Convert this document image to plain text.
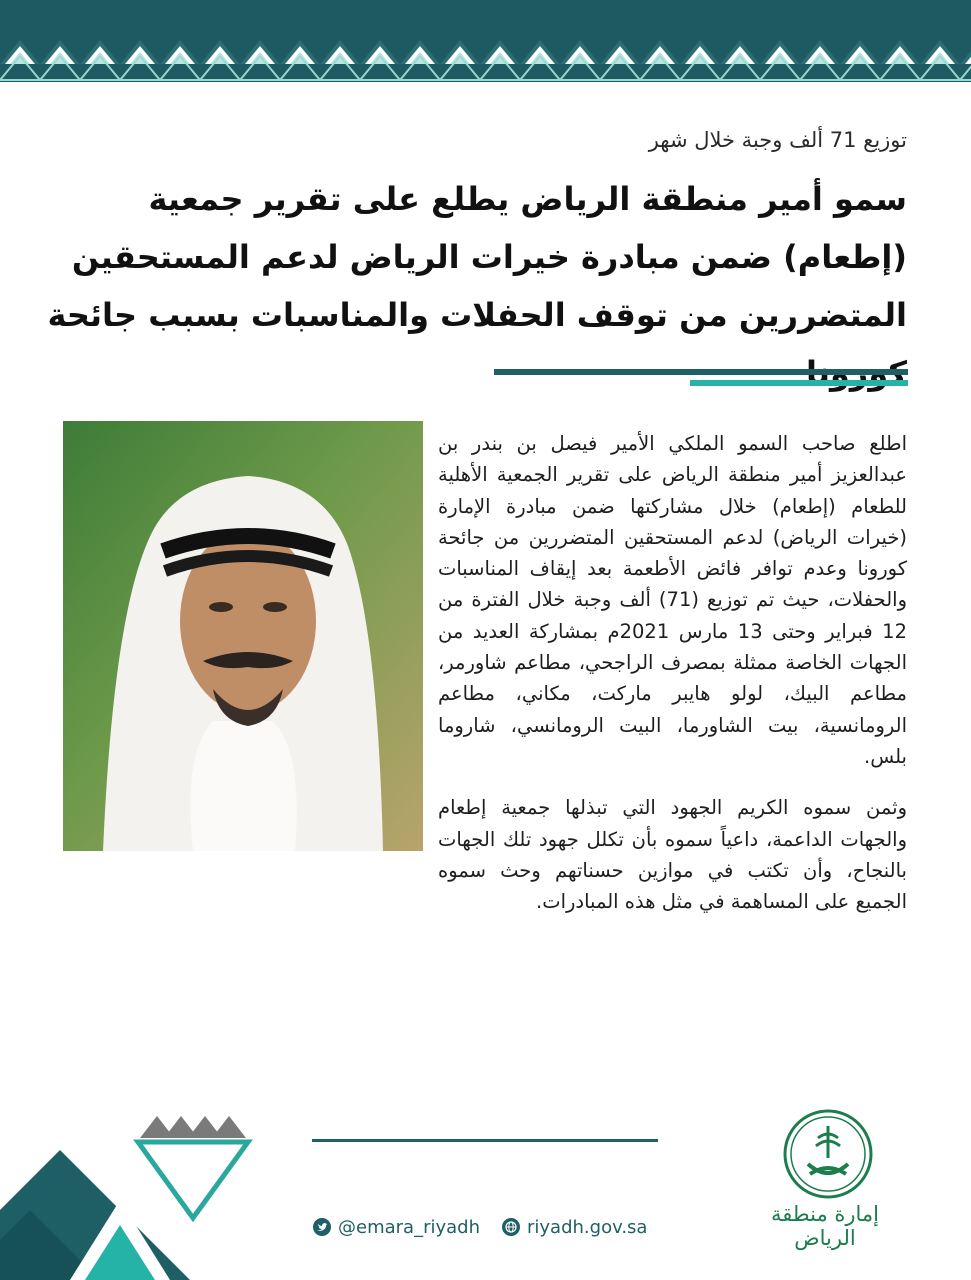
توزيع 71 ألف وجبة خلال شهر
سمو أمير منطقة الرياض يطلع على تقرير جمعية (إطعام) ضمن مبادرة خيرات الرياض لدعم المستحقين المتضررين من توقف الحفلات والمناسبات بسبب جائحة

اطلع صاحب السمو الملكي الأمير فيصل بن بندر بن عبدالعزيز أمير منطقة الرياض على تقرير الجمعية الأهلية للطعام (إطعام) خلال مشاركتها ضمن مبادرة الإمارة (خيرات الرياض) لدعم المستحقين المتضررين من جائحة كورونا وعدم توافر فائض الأطعمة بعد إيقاف المناسبات والحفلات، حيث تم توزيع (71) ألف وجبة خلال الفترة من 12 فبراير وحتى 13 مارس 2021م بمشاركة العديد من الجهات الخاصة ممثلة بمصرف الراجحي، مطاعم شاورمر، مطاعم البيك، لولو هايبر ماركت، مكاني، مطاعم الرومانسية، بيت الشاورما، البيت الرومانسي، شاروما بلس.

وثمن سموه الكريم الجهود التي تبذلها جمعية إطعام والجهات الداعمة، داعياً سموه بأن تكلل جهود تلك الجهات بالنجاح، وأن تكتب في موازين حسناتهم وحث سموه الجميع على المساهمة في مثل هذه المبادرات.

@emara_riyadh	riyadh.gov.sa
إمارة منطقة الرياض
